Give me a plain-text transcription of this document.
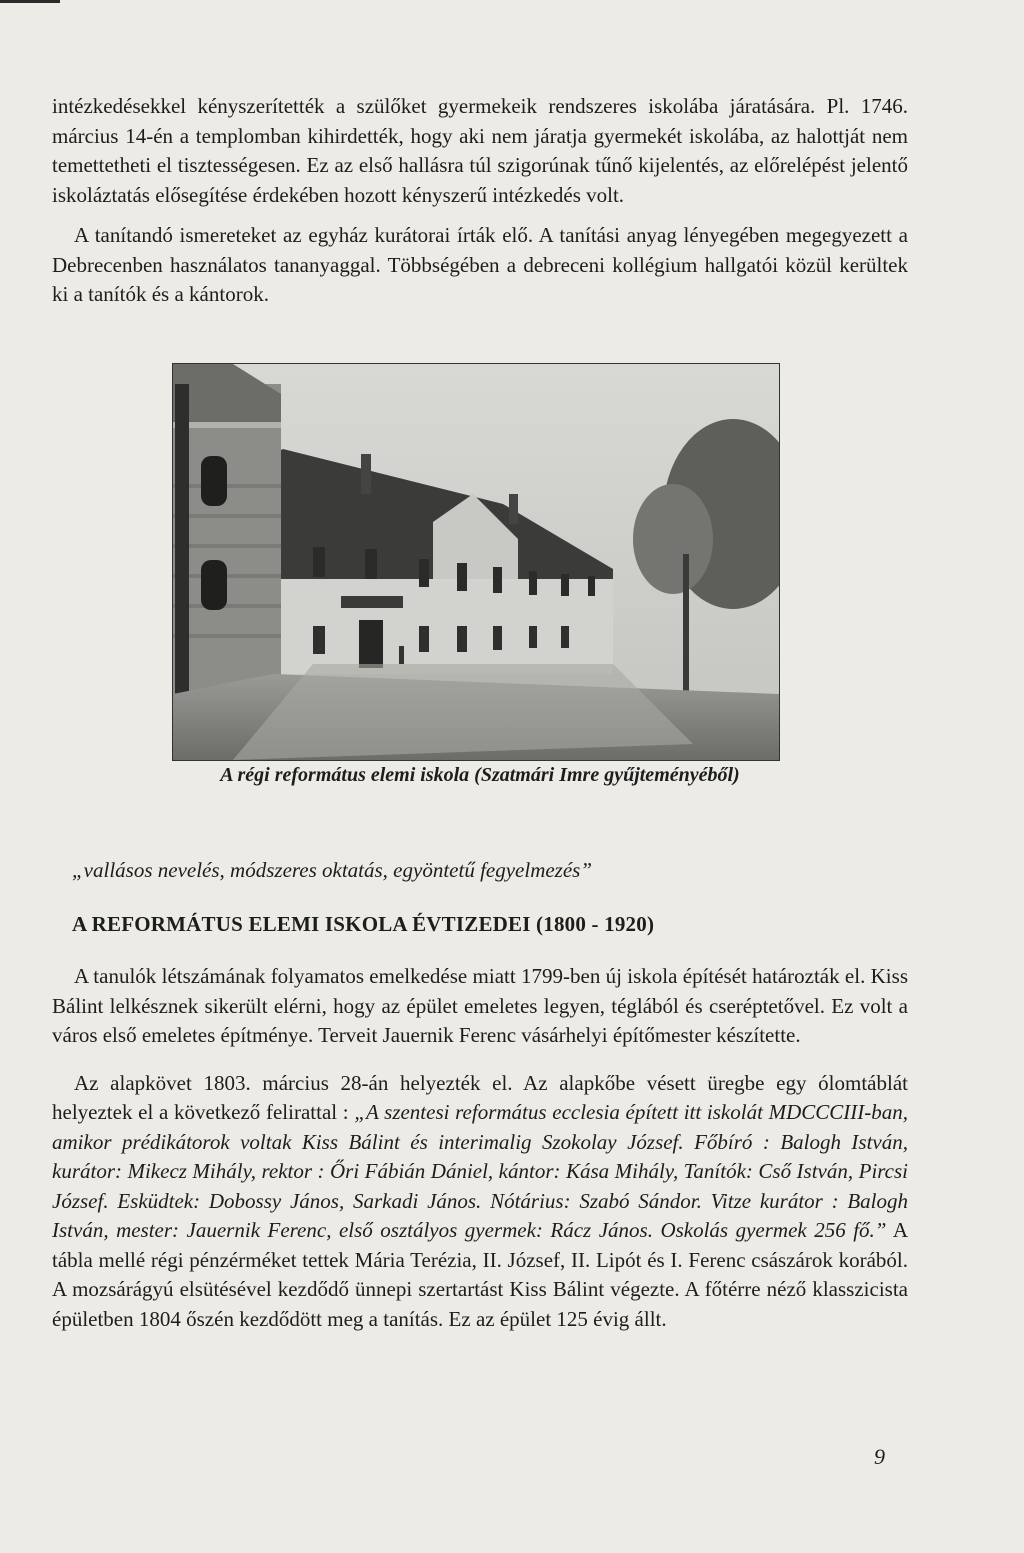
intézkedésekkel kényszerítették a szülőket gyermekeik rendszeres iskolába járatására. Pl. 1746. március 14-én a templomban kihirdették, hogy aki nem járatja gyermekét iskolába, az halottját nem temettetheti el tisztességesen. Ez az első hallásra túl szigorúnak tűnő kijelentés, az előrelépést jelentő iskoláztatás elősegítése érdekében hozott kényszerű intézkedés volt.

A tanítandó ismereteket az egyház kurátorai írták elő. A tanítási anyag lényegében megegyezett a Debrecenben használatos tananyaggal. Többségében a debreceni kollégium hallgatói közül kerültek ki a tanítók és a kántorok.

A régi református elemi iskola (Szatmári Imre gyűjteményéből)

„vallásos nevelés, módszeres oktatás, egyöntetű fegyelmezés”

A REFORMÁTUS ELEMI ISKOLA ÉVTIZEDEI (1800 - 1920)

A tanulók létszámának folyamatos emelkedése miatt 1799-ben új iskola építését határozták el. Kiss Bálint lelkésznek sikerült elérni, hogy az épület emeletes legyen, téglából és cseréptetővel. Ez volt a város első emeletes építménye. Terveit Jauernik Ferenc vásárhelyi építőmester készítette.

Az alapkövet 1803. március 28-án helyezték el. Az alapkőbe vésett üregbe egy ólomtáblát helyeztek el a következő felirattal : „A szentesi református ecclesia épített itt iskolát MDCCCIII-ban, amikor prédikátorok voltak Kiss Bálint és interimalig Szokolay József. Főbíró : Balogh István, kurátor: Mikecz Mihály, rektor : Őri Fábián Dániel, kántor: Kása Mihály, Tanítók: Cső István, Pircsi József. Esküdtek: Dobossy János, Sarkadi János. Nótárius: Szabó Sándor. Vitze kurátor : Balogh István, mester: Jauernik Ferenc, első osztályos gyermek: Rácz János. Oskolás gyermek 256 fő.” A tábla mellé régi pénzérméket tettek Mária Terézia, II. József, II. Lipót és I. Ferenc császárok korából. A mozsárágyú elsütésével kezdődő ünnepi szertartást Kiss Bálint végezte. A főtérre néző klasszicista épületben 1804 őszén kezdődött meg a tanítás. Ez az épület 125 évig állt.

9
